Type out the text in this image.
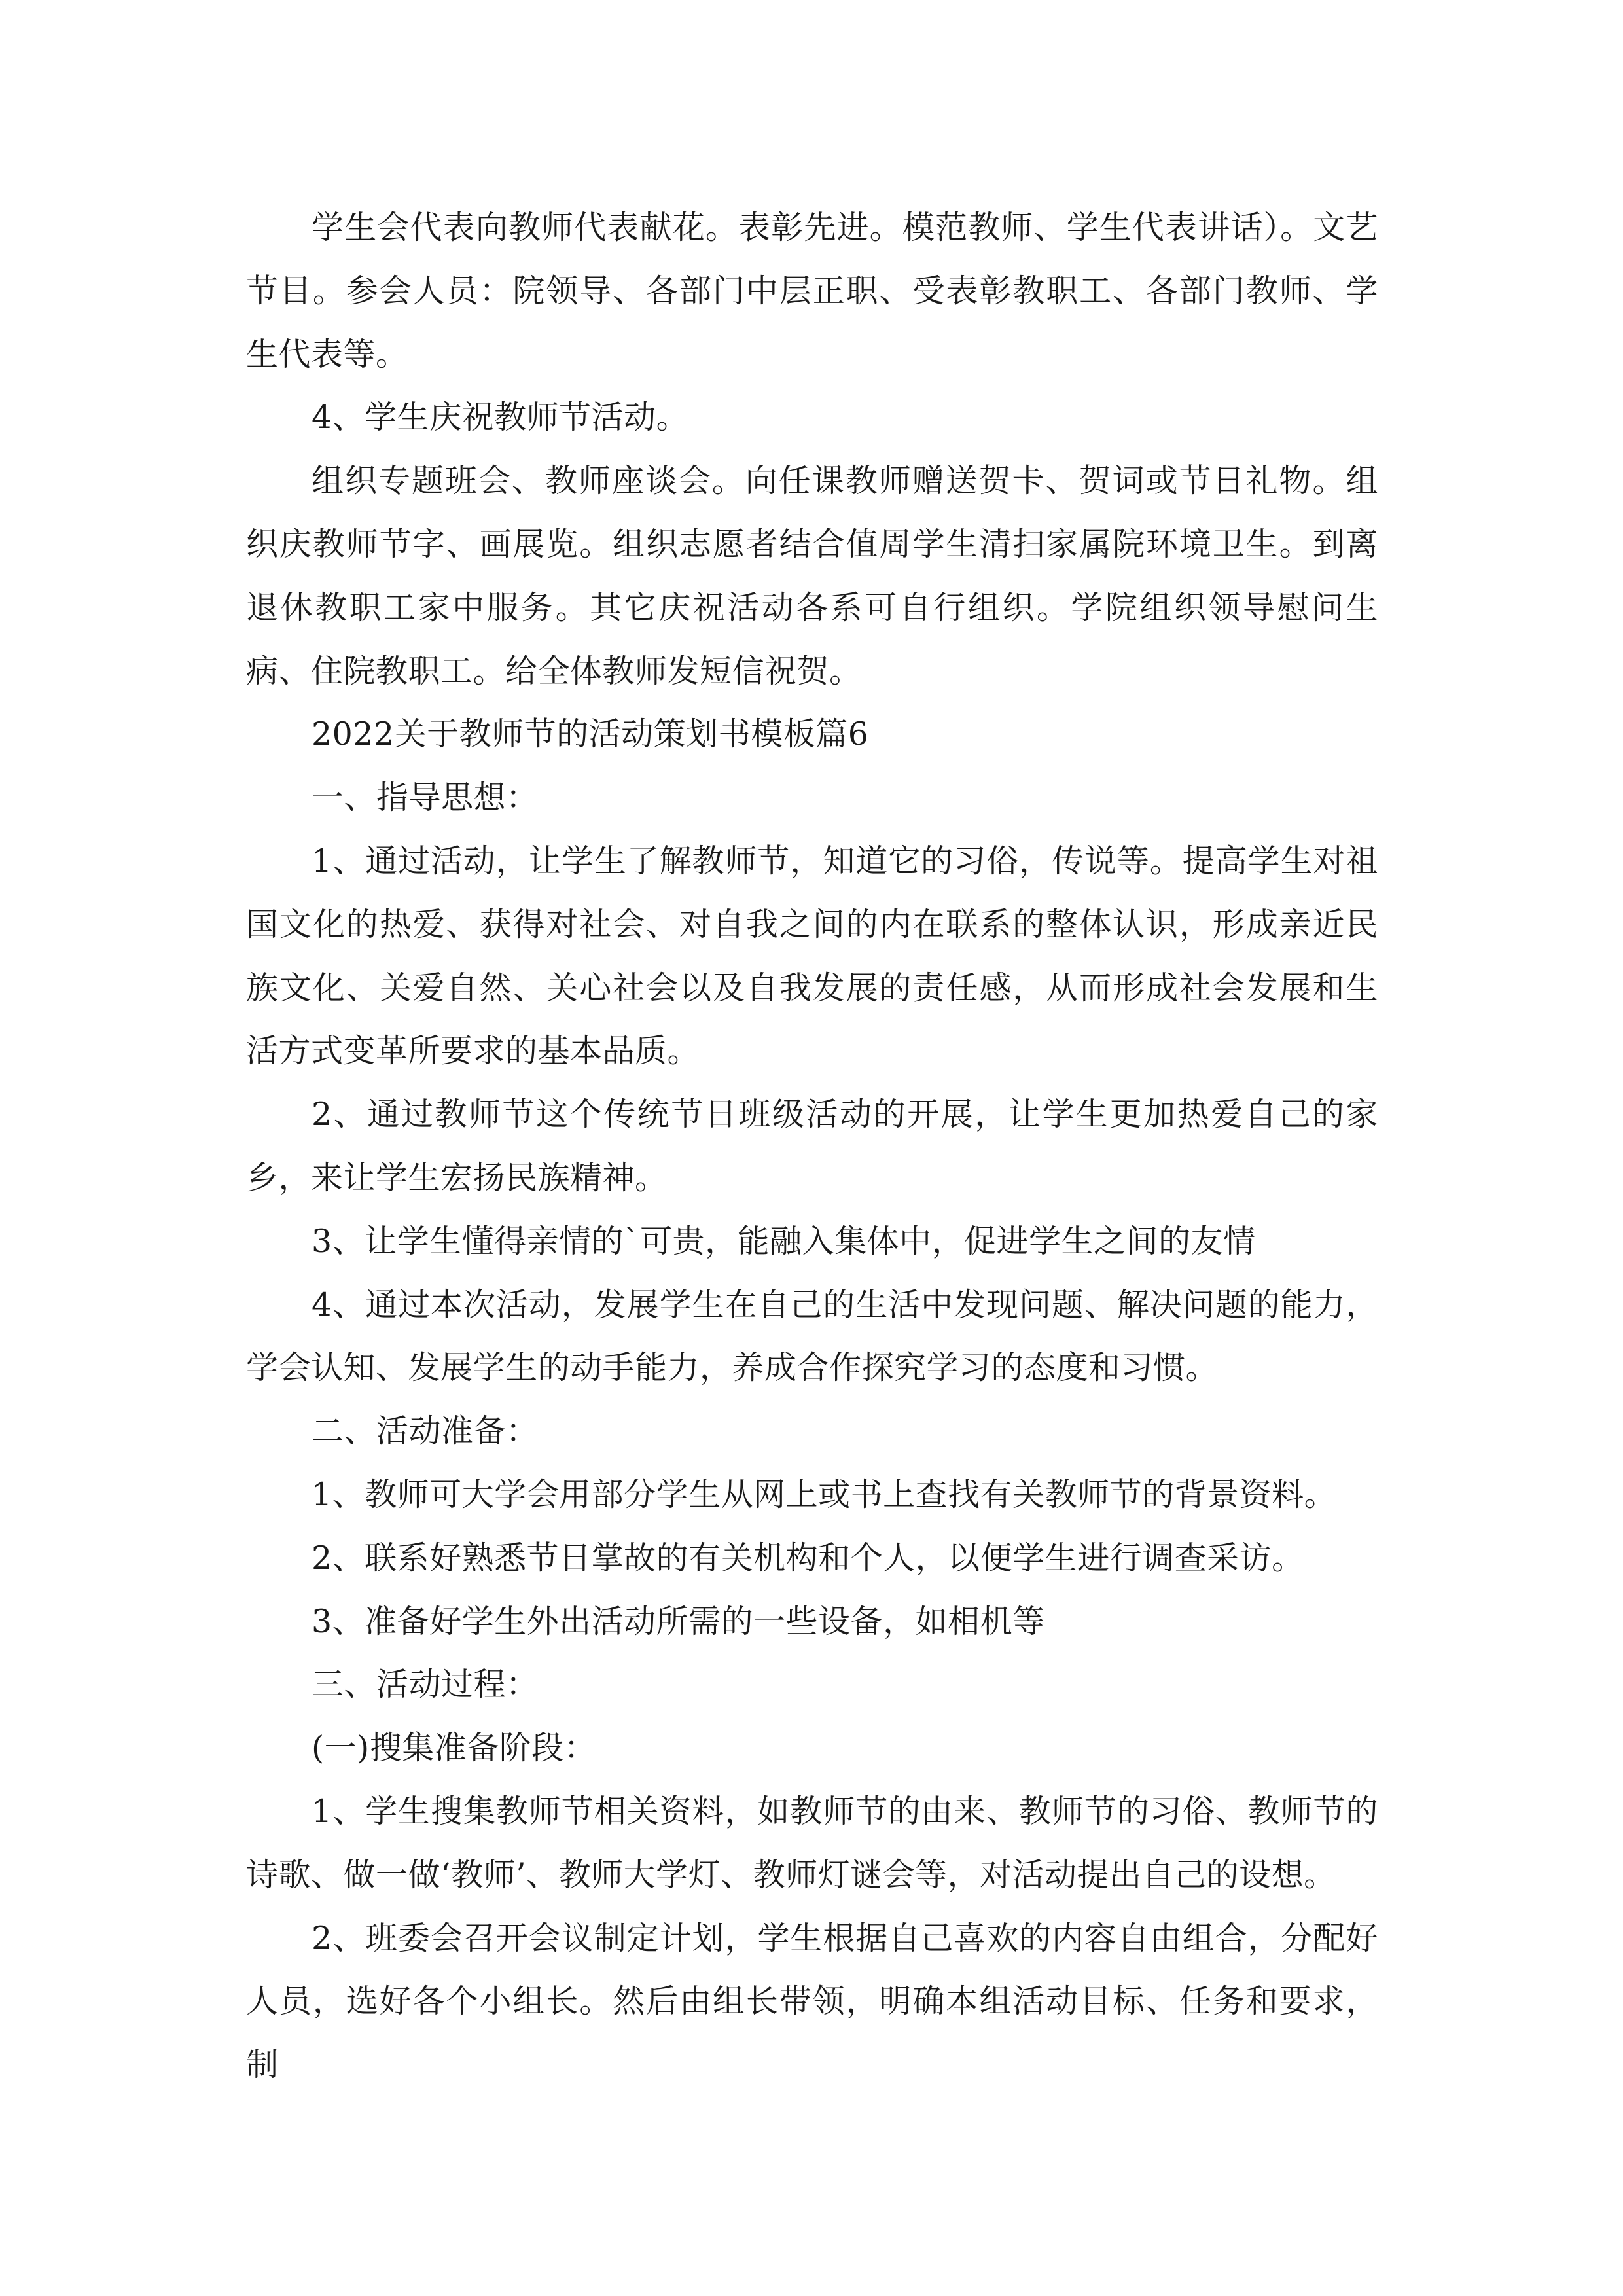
学生会代表向教师代表献花。表彰先进。模范教师、学生代表讲话）。文艺节目。参会人员：院领导、各部门中层正职、受表彰教职工、各部门教师、学生代表等。

4、学生庆祝教师节活动。

组织专题班会、教师座谈会。向任课教师赠送贺卡、贺词或节日礼物。组织庆教师节字、画展览。组织志愿者结合值周学生清扫家属院环境卫生。到离退休教职工家中服务。其它庆祝活动各系可自行组织。学院组织领导慰问生病、住院教职工。给全体教师发短信祝贺。

2022关于教师节的活动策划书模板篇6

一、指导思想：

1、通过活动，让学生了解教师节，知道它的习俗，传说等。提高学生对祖国文化的热爱、获得对社会、对自我之间的内在联系的整体认识，形成亲近民族文化、关爱自然、关心社会以及自我发展的责任感，从而形成社会发展和生活方式变革所要求的基本品质。

2、通过教师节这个传统节日班级活动的开展，让学生更加热爱自己的家乡，来让学生宏扬民族精神。

3、让学生懂得亲情的`可贵，能融入集体中，促进学生之间的友情

4、通过本次活动，发展学生在自己的生活中发现问题、解决问题的能力，学会认知、发展学生的动手能力，养成合作探究学习的态度和习惯。

二、活动准备：

1、教师可大学会用部分学生从网上或书上查找有关教师节的背景资料。

2、联系好熟悉节日掌故的有关机构和个人，以便学生进行调查采访。

3、准备好学生外出活动所需的一些设备，如相机等

三、活动过程：

(一)搜集准备阶段：

1、学生搜集教师节相关资料，如教师节的由来、教师节的习俗、教师节的诗歌、做一做‘教师’、教师大学灯、教师灯谜会等，对活动提出自己的设想。

2、班委会召开会议制定计划，学生根据自己喜欢的内容自由组合，分配好人员，选好各个小组长。然后由组长带领，明确本组活动目标、任务和要求，制
